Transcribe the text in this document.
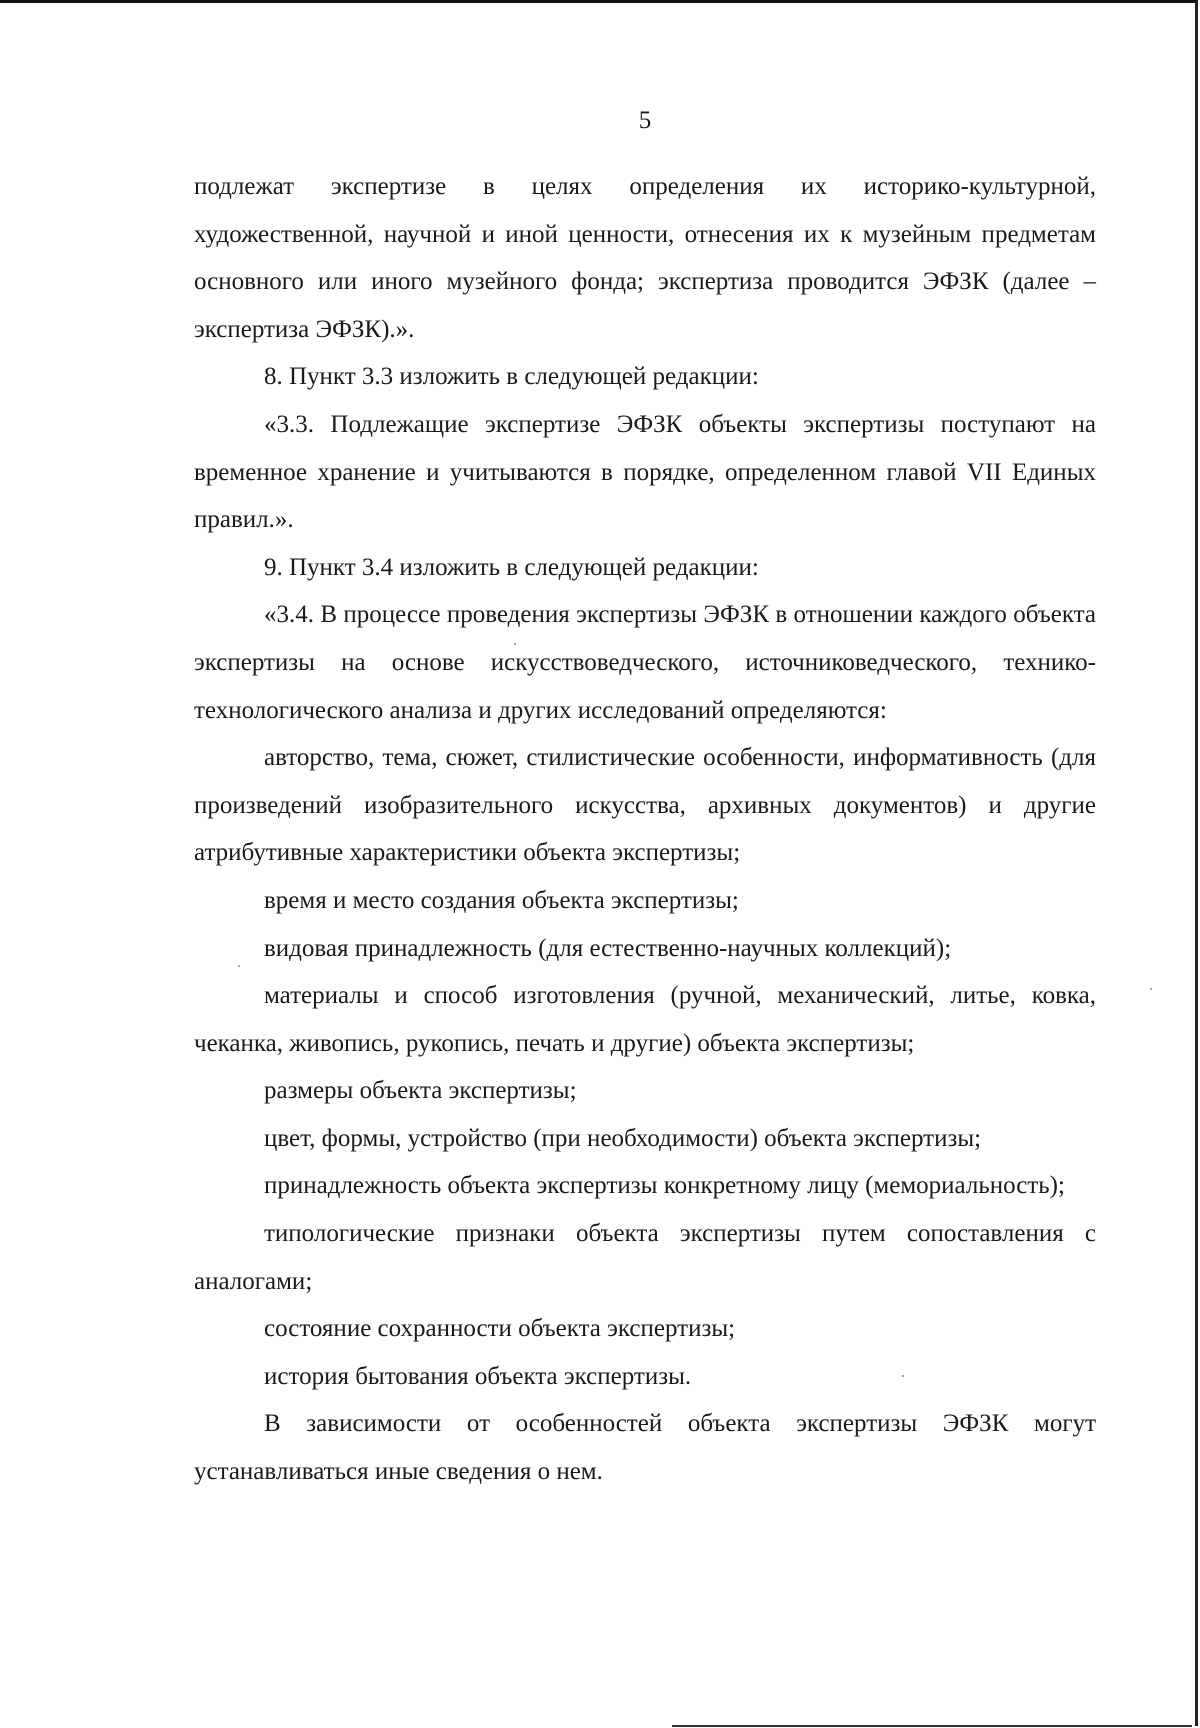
5

подлежат экспертизе в целях определения их историко-культурной, художественной, научной и иной ценности, отнесения их к музейным предметам основного или иного музейного фонда; экспертиза проводится ЭФЗК (далее – экспертиза ЭФЗК).».

8. Пункт 3.3 изложить в следующей редакции:

«3.3. Подлежащие экспертизе ЭФЗК объекты экспертизы поступают на временное хранение и учитываются в порядке, определенном главой VII Единых правил.».

9. Пункт 3.4 изложить в следующей редакции:

«3.4. В процессе проведения экспертизы ЭФЗК в отношении каждого объекта экспертизы на основе искусствоведческого, источниковедческого, технико-технологического анализа и других исследований определяются:

авторство, тема, сюжет, стилистические особенности, информативность (для произведений изобразительного искусства, архивных документов) и другие атрибутивные характеристики объекта экспертизы;

время и место создания объекта экспертизы;

видовая принадлежность (для естественно-научных коллекций);

материалы и способ изготовления (ручной, механический, литье, ковка, чеканка, живопись, рукопись, печать и другие) объекта экспертизы;

размеры объекта экспертизы;

цвет, формы, устройство (при необходимости) объекта экспертизы;

принадлежность объекта экспертизы конкретному лицу (мемориальность);

типологические признаки объекта экспертизы путем сопоставления с аналогами;

состояние сохранности объекта экспертизы;

история бытования объекта экспертизы.

В зависимости от особенностей объекта экспертизы ЭФЗК могут устанавливаться иные сведения о нем.
